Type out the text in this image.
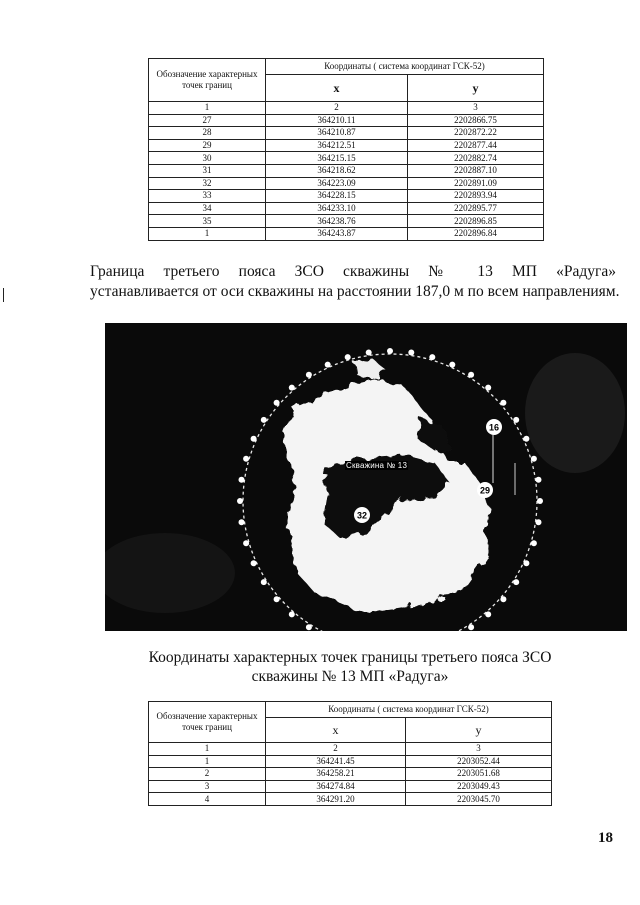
Обозначение характерных точек границ	Координаты ( система координат ГСК-52)	
	x	y
1	2	3
27	364210.11	2202866.75
28	364210.87	2202872.22
29	364212.51	2202877.44
30	364215.15	2202882.74
31	364218.62	2202887.10
32	364223.09	2202891.09
33	364228.15	2202893.94
34	364233.10	2202895.77
35	364238.76	2202896.85
1	364243.87	2202896.84
Граница третьего пояса ЗСО скважины № 13 МП «Радуга»
устанавливается от оси скважины на расстоянии 187,0 м по всем направлениям.
16
29
32
Скважина № 13
Координаты характерных точек границы третьего пояса ЗСО
скважины № 13 МП «Радуга»
Обозначение характерных точек границ	Координаты ( система координат ГСК-52)	
	x	y
1	2	3
1	364241.45	2203052.44
2	364258.21	2203051.68
3	364274.84	2203049.43
4	364291.20	2203045.70
18
